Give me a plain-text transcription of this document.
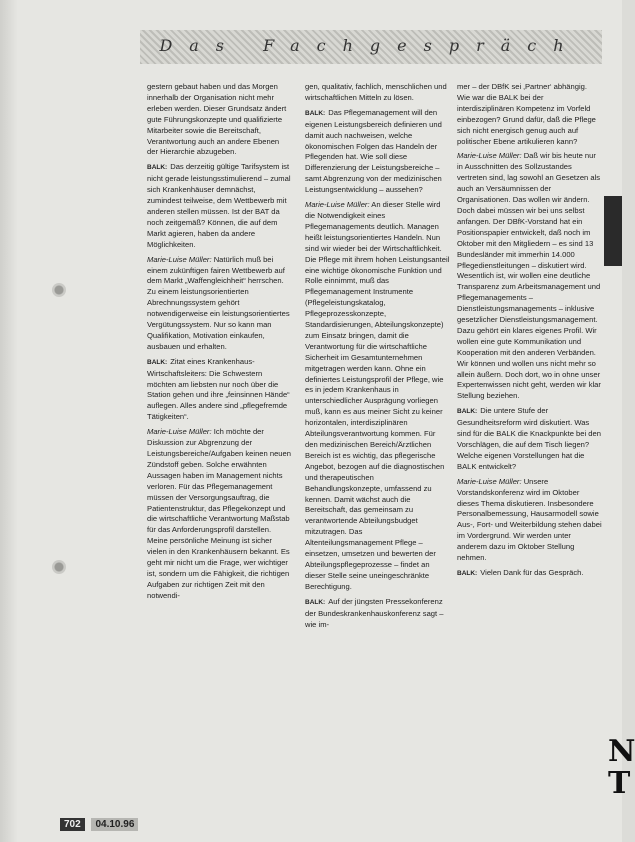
Das Fachgespräch

gestern gebaut haben und das Morgen innerhalb der Organisation nicht mehr erleben werden. Dieser Grundsatz ändert gute Führungskonzepte und qualifizierte Mitarbeiter sowie die Bereitschaft, Verantwortung auch an andere Ebenen der Hierarchie abzugeben.

BALK: Das derzeitig gültige Tarifsystem ist nicht gerade leistungsstimulierend – zumal sich Krankenhäuser demnächst, zumindest teilweise, dem Wettbewerb mit anderen stellen müssen. Ist der BAT da noch zeitgemäß? Können, die auf dem Markt agieren, haben da andere Möglichkeiten.

Marie-Luise Müller: Natürlich muß bei einem zukünftigen fairen Wettbewerb auf dem Markt „Waffengleichheit“ herrschen. Zu einem leistungsorientierten Abrechnungssystem gehört notwendigerweise ein leistungsorientiertes Vergütungssystem. Nur so kann man Qualifikation, Motivation einkaufen, ausbauen und erhalten.

BALK: Zitat eines Krankenhaus-Wirtschaftsleiters: Die Schwestern möchten am liebsten nur noch über die Station gehen und ihre „feinsinnen Hände“ auflegen. Alles andere sind „pflegefremde Tätigkeiten“.

Marie-Luise Müller: Ich möchte der Diskussion zur Abgrenzung der Leistungsbereiche/Aufgaben keinen neuen Zündstoff geben. Solche erwähnten Aussagen haben im Management nichts verloren. Für das Pflegemanagement müssen der Versorgungsauftrag, die Patientenstruktur, das Pflegekonzept und die wirtschaftliche Verantwortung Maßstab für das Anforderungsprofil darstellen. Meine persönliche Meinung ist sicher vielen in den Krankenhäusern bekannt. Es geht mir nicht um die Frage, wer wichtiger ist, sondern um die Fähigkeit, die richtigen Aufgaben zur richtigen Zeit mit den notwendi-

gen, qualitativ, fachlich, menschlichen und wirtschaftlichen Mitteln zu lösen.

BALK: Das Pflegemanagement will den eigenen Leistungsbereich definieren und damit auch nachweisen, welche ökonomischen Folgen das Handeln der Pflegenden hat. Wie soll diese Differenzierung der Leistungsbereiche – samt Abgrenzung von der medizinischen Leistungsentwicklung – aussehen?

Marie-Luise Müller: An dieser Stelle wird die Notwendigkeit eines Pflegemanagements deutlich. Managen heißt leistungsorientiertes Handeln. Nun sind wir wieder bei der Wirtschaftlichkeit. Die Pflege mit ihrem hohen Leistungsanteil eine wichtige ökonomische Funktion und Rolle einnimmt, muß das Pflegemanagement Instrumente (Pflegeleistungskatalog, Pflegeprozesskonzepte, Standardisierungen, Abteilungskonzepte) zum Einsatz bringen, damit die Verantwortung für die wirtschaftliche Sicherheit im Gesamtunternehmen mitgetragen werden kann. Ohne ein definiertes Leistungsprofil der Pflege, wie es in jedem Krankenhaus in unterschiedlicher Ausprägung vorliegen muß, kann es aus meiner Sicht zu keiner horizontalen, interdisziplinären Abteilungsverantwortung kommen. Für den medizinischen Bereich/Ärztlichen Bereich ist es wichtig, das pflegerische Angebot, bezogen auf die diagnostischen und therapeutischen Behandlungskonzepte, umfassend zu kennen. Damit wächst auch die Bereitschaft, das gemeinsam zu verantwortende Abteilungsbudget mitzutragen. Das Altenteilungsmanagement Pflege – einsetzen, umsetzen und bewerten der Abteilungspflegeprozesse – findet an dieser Stelle seine uneingeschränkte Berechtigung.

BALK: Auf der jüngsten Pressekonferenz der Bundeskrankenhauskonferenz sagt – wie im-

mer – der DBfK sei ‚Partner‘ abhängig. Wie war die BALK bei der interdisziplinären Kompetenz im Vorfeld einbezogen? Grund dafür, daß die Pflege sich nicht energisch genug auch auf politischer Ebene artikulieren kann?

Marie-Luise Müller: Daß wir bis heute nur in Ausschnitten des Sollzustandes vertreten sind, lag sowohl an Gesetzen als auch an Versäumnissen der Organisationen. Das wollen wir ändern. Doch dabei müssen wir bei uns selbst anfangen. Der DBfK-Vorstand hat ein Positionspapier entwickelt, daß noch im Oktober mit den Mitgliedern – es sind 13 Bundesländer mit immerhin 14.000 Pflegedienstleitungen – diskutiert wird. Wesentlich ist, wir wollen eine deutliche Transparenz zum Arbeitsmanagement und Pflegemanagements – Dienstleistungsmanagements – inklusive gesetzlicher Dienstleistungsmanagement. Dazu gehört ein klares eigenes Profil. Wir wollen eine gute Kommunikation und Kooperation mit den anderen Verbänden. Wir können und wollen uns nicht mehr so allein äußern. Doch dort, wo in ohne unser Expertenwissen nicht geht, werden wir klar Stellung beziehen.

BALK: Die untere Stufe der Gesundheitsreform wird diskutiert. Was sind für die BALK die Knackpunkte bei den Vorschlägen, die auf dem Tisch liegen? Welche eigenen Vorstellungen hat die BALK entwickelt?

Marie-Luise Müller: Unsere Vorstandskonferenz wird im Oktober dieses Thema diskutieren. Insbesondere Personalbemessung, Hausarmodell sowie Aus-, Fort- und Weiterbildung stehen dabei im Vordergrund. Wir werden unter anderem dazu im Oktober Stellung nehmen.

BALK: Vielen Dank für das Gespräch.

N
T
702 04.10.96
